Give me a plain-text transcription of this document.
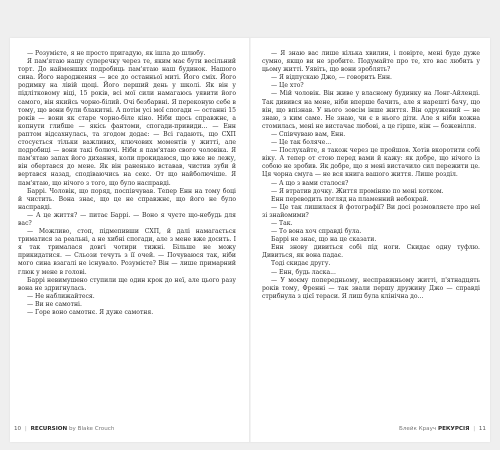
— Розумієте, я не просто пригадую, як ішла до шлюбу.

Я пам'ятаю нашу суперечку через те, яким має бути весільний торт. До найменших подробиць пам'ятаю наш будинок. Нашого сина. Його народження — все до останньої миті. Його сміх. Його родимку на лівій щоці. Його перший день у школі. Як він у підлітковому віці, 15 років, всі мої сили намагаюсь уявити його самого, він якийсь чорно-білий. Очі безбарвні. Я переконую себе в тому, що вони були блакитні. А потім усі мої спогади — останні 15 років — вони як старе чорно-біле кіно. Ніби щось справжнє, а копнути глибше — якісь фантоми, спогади-привиди... — Енн раптом відсахнулась, та згодом додає: — Всі гадають, що СХП стосується тільки важливих, ключових моментів у житті, але подробиці — вони такі болючі. Ніби я пам'ятаю свого чоловіка. Я пам'ятаю запах його дихання, коли прокидаюся, що вже не лежу, він обертався до мене. Як він раненько вставав, чистив зуби й вертався назад, сподіваючись на секс. От що найболючіше. Я пам'ятаю, що нічого з того, що було насправді.

Баррі. Чоловік, що поряд, поспівчував. Тепер Енн на тому боці й чистить. Вона знає, що це не справжнє, що його не було насправді.

— А це життя? — питає Баррі. — Воно я чуєте що-небудь для вас?

— Можливо, стоп, підмепивши СХП, й далі намагається триматися за реальні, а не хибні спогади, але з мене вже досить. І я так трималася довгі чотири тижні. Більше не можу прикидатися. — Сльози течуть з її очей. — Почуваюся так, ніби мого сина взагалі не існувало. Розумієте? Він — лише примарний глюк у мене в голові.

Баррі невимушено ступили ще один крок до неї, але цього разу вона не здригнулась.

— Не наближайтеся.

— Ви не самотні.

— Горе воно самотнє. Я дуже самотня.

— Я знаю вас лише кілька хвилин, і повірте, мені буде дуже сумно, якщо ви не зробите. Подумайте про те, хто вас любить у цьому житті. Уявіть, що вони зроблять?

— Я відпускаю Джо, — говорить Енн.

— Це хто?

— Мій чоловік. Він живе у власному будинку на Лонг-Айленді. Так дивився на мене, ніби вперше бачить, але я нарешті бачу, що він, що впізнав. У нього зовсім інше життя. Він одружений — не знаю, з ким саме. Не знаю, чи є в нього діти. Але я ніби кожна стомилась, мені не вистачає любові, а це гірше, ніж — божевілля.

— Співчуваю вам, Енн.

— Це так боляче...

— Послухайте, я також через це пройшов. Хотів вкоротити собі віку. А тепер от стою перед вами й кажу: як добре, що нічого із собою не зробив. Як добре, що я мені вистачило сил пережити це. Ця чорна смуга — не вся книга вашого життя. Лише розділ.

— А що з вами сталося?

— Я втратив дочку. Життя проміняю по мені котком.

Енн переводить погляд на пламенний небокрай.

— Це так лишилася й фотографії? Ви досі розмовляєте про неї зі знайомими?

— Так.

— То вона хоч справді була.

Баррі не знає, що на це сказати.

Енн знову дивиться собі під ноги. Скидає одну туфлю. Дивиться, як вона падає.

Тоді скидає другу.

— Енн, будь ласка...

— У моєму попередньому, несправжньому житті, п'ятнадцять років тому, Френні — так звали першу дружину Джо — справді стрибнула з цієї тераси. Я лиш була клінічна до...

10 | RECURSION by Blake Crouch	Блейк Крауч РЕКУРСІЯ | 11
